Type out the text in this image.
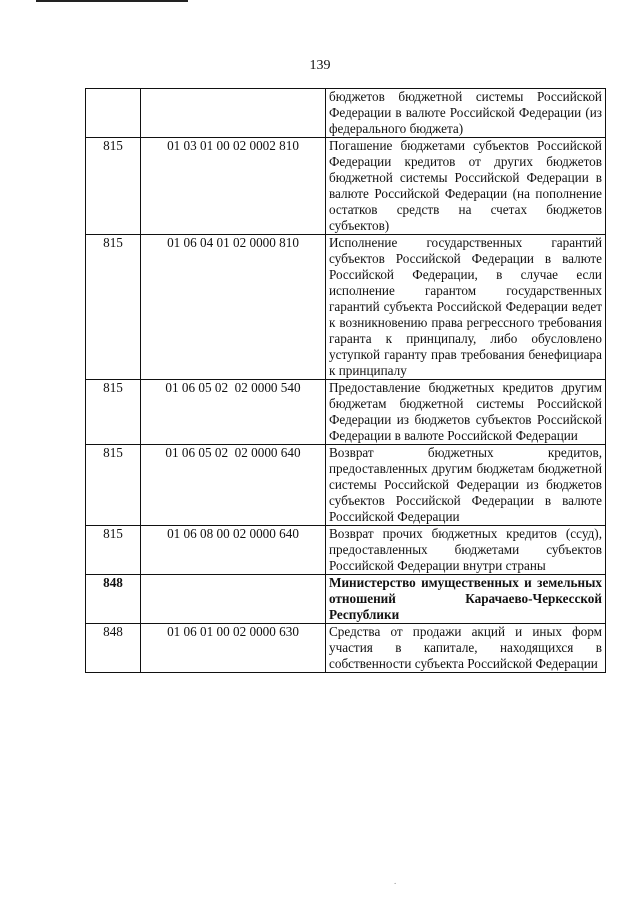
139
		бюджетов бюджетной системы Российской Федерации в валюте Российской Федерации (из федерального бюджета)
815	01 03 01 00 02 0002 810	Погашение бюджетами субъектов Российской Федерации кредитов от других бюджетов бюджетной системы Российской Федерации в валюте Российской Федерации (на пополнение остатков средств на счетах бюджетов субъектов)
815	01 06 04 01 02 0000 810	Исполнение государственных гарантий субъектов Российской Федерации в валюте Российской Федерации, в случае если исполнение гарантом государственных гарантий субъекта Российской Федерации ведет к возникновению права регрессного требования гаранта к принципалу, либо обусловлено уступкой гаранту прав требования бенефициара к принципалу
815	01 06 05 02  02 0000 540	Предоставление бюджетных кредитов другим бюджетам бюджетной системы Российской Федерации из бюджетов субъектов Российской Федерации в валюте Российской Федерации
815	01 06 05 02  02 0000 640	Возврат бюджетных кредитов, предоставленных другим бюджетам бюджетной системы Российской Федерации из бюджетов субъектов Российской Федерации в валюте Российской Федерации
815	01 06 08 00 02 0000 640	Возврат прочих бюджетных кредитов (ссуд), предоставленных бюджетами субъектов Российской Федерации внутри страны
848		Министерство имущественных и земельных отношений Карачаево-Черкесской Республики
848	01 06 01 00 02 0000 630	Средства от продажи акций и иных форм участия в капитале, находящихся в собственности субъекта Российской Федерации
.
